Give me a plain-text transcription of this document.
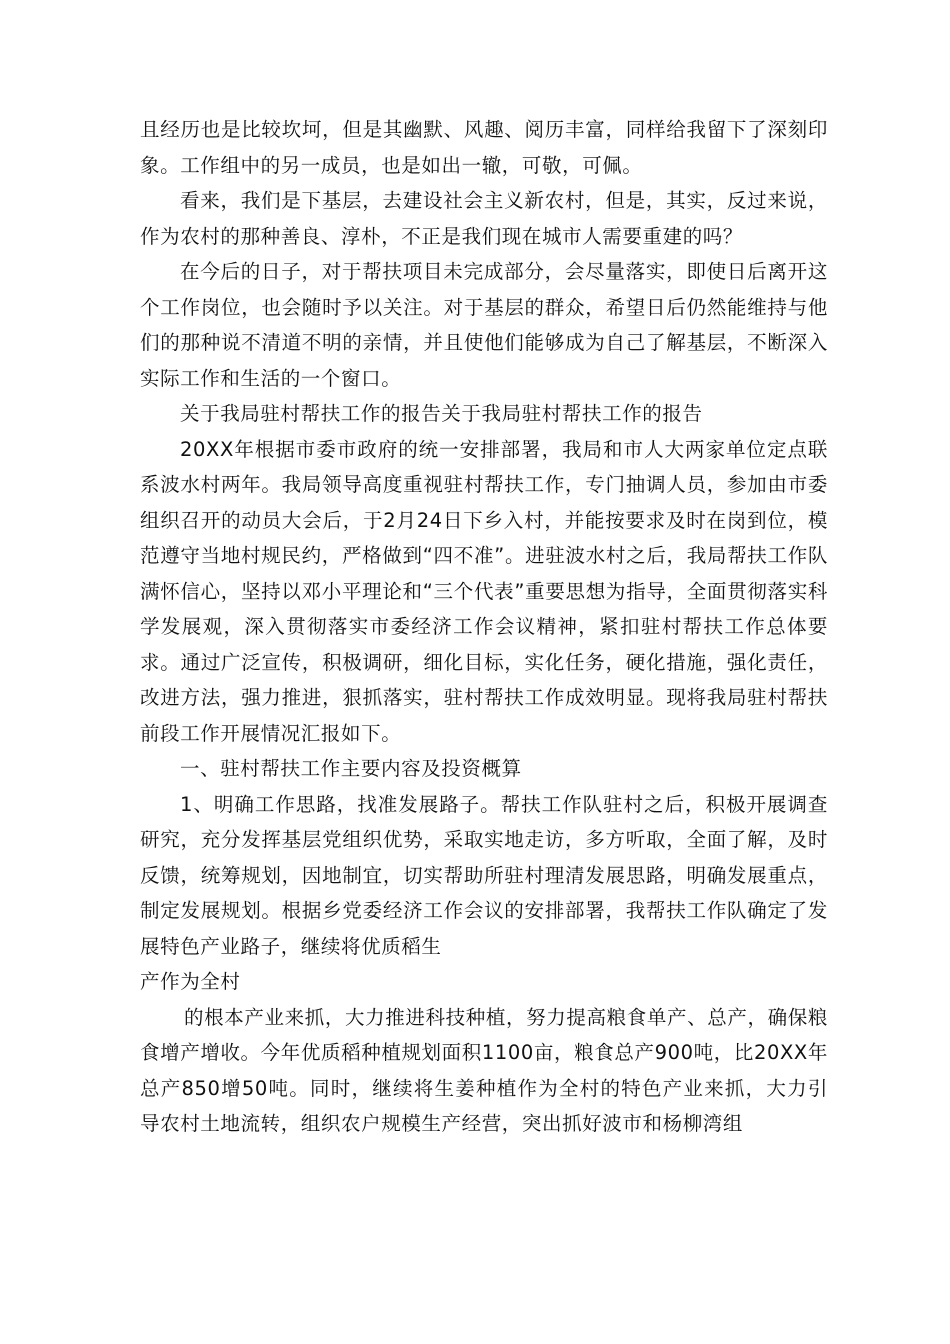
且经历也是比较坎坷，但是其幽默、风趣、阅历丰富，同样给我留下了深刻印象。工作组中的另一成员，也是如出一辙，可敬，可佩。

看来，我们是下基层，去建设社会主义新农村，但是，其实，反过来说，作为农村的那种善良、淳朴，不正是我们现在城市人需要重建的吗？

在今后的日子，对于帮扶项目未完成部分，会尽量落实，即使日后离开这个工作岗位，也会随时予以关注。对于基层的群众，希望日后仍然能维持与他们的那种说不清道不明的亲情，并且使他们能够成为自己了解基层，不断深入实际工作和生活的一个窗口。

关于我局驻村帮扶工作的报告关于我局驻村帮扶工作的报告

20XX年根据市委市政府的统一安排部署，我局和市人大两家单位定点联系波水村两年。我局领导高度重视驻村帮扶工作，专门抽调人员，参加由市委组织召开的动员大会后，于2月24日下乡入村，并能按要求及时在岗到位，模范遵守当地村规民约，严格做到“四不准”。进驻波水村之后，我局帮扶工作队满怀信心，坚持以邓小平理论和“三个代表”重要思想为指导，全面贯彻落实科学发展观，深入贯彻落实市委经济工作会议精神，紧扣驻村帮扶工作总体要求。通过广泛宣传，积极调研，细化目标，实化任务，硬化措施，强化责任，改进方法，强力推进，狠抓落实，驻村帮扶工作成效明显。现将我局驻村帮扶前段工作开展情况汇报如下。

一、驻村帮扶工作主要内容及投资概算

1、明确工作思路，找准发展路子。帮扶工作队驻村之后，积极开展调查研究，充分发挥基层党组织优势，采取实地走访，多方听取，全面了解，及时反馈，统筹规划，因地制宜，切实帮助所驻村理清发展思路，明确发展重点，制定发展规划。根据乡党委经济工作会议的安排部署，我帮扶工作队确定了发展特色产业路子，继续将优质稻生

产作为全村

的根本产业来抓，大力推进科技种植，努力提高粮食单产、总产，确保粮食增产增收。今年优质稻种植规划面积1100亩，粮食总产900吨，比20XX年总产850增50吨。同时，继续将生姜种植作为全村的特色产业来抓，大力引导农村土地流转，组织农户规模生产经营，突出抓好波市和杨柳湾组
